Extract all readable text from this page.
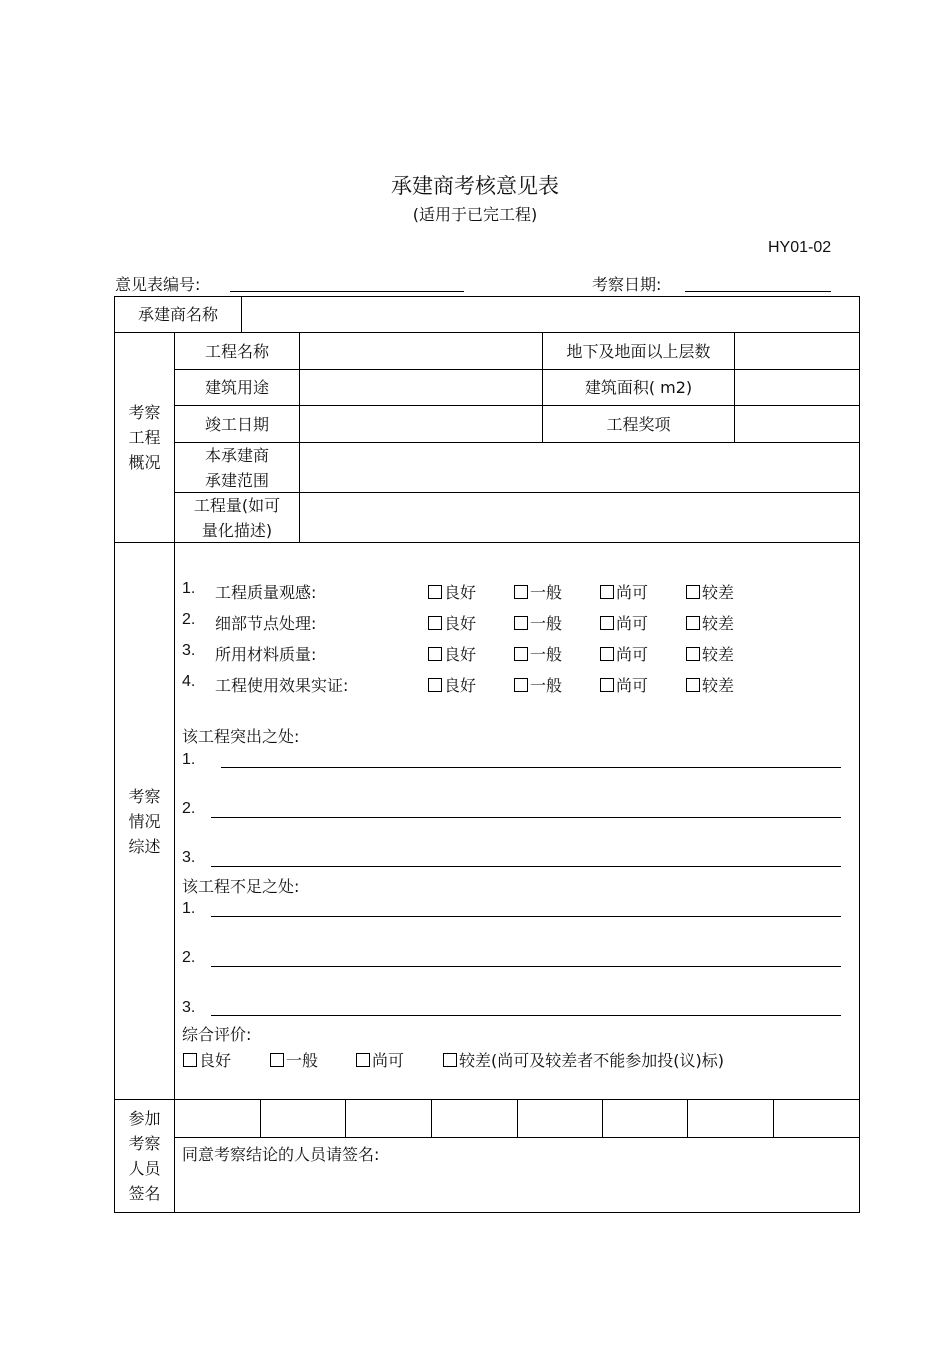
承建商考核意见表
(适用于已完工程)
HY01-02
意见表编号:	考察日期:
承建商名称
考察
工程
概况
工程名称	地下及地面以上层数
建筑用途	建筑面积( m2)
竣工日期	工程奖项
本承建商
承建范围
工程量(如可
量化描述)
考察
情况
综述
1. 工程质量观感:	良好	一般	尚可	较差
2. 细部节点处理:	良好	一般	尚可	较差
3. 所用材料质量:	良好	一般	尚可	较差
4. 工程使用效果实证:	良好	一般	尚可	较差
该工程突出之处:
1.
2.
3.
该工程不足之处:
1.
2.
3.
综合评价:
良好	一般	尚可	较差(尚可及较差者不能参加投(议)标)
参加
考察
人员
签名
同意考察结论的人员请签名:
